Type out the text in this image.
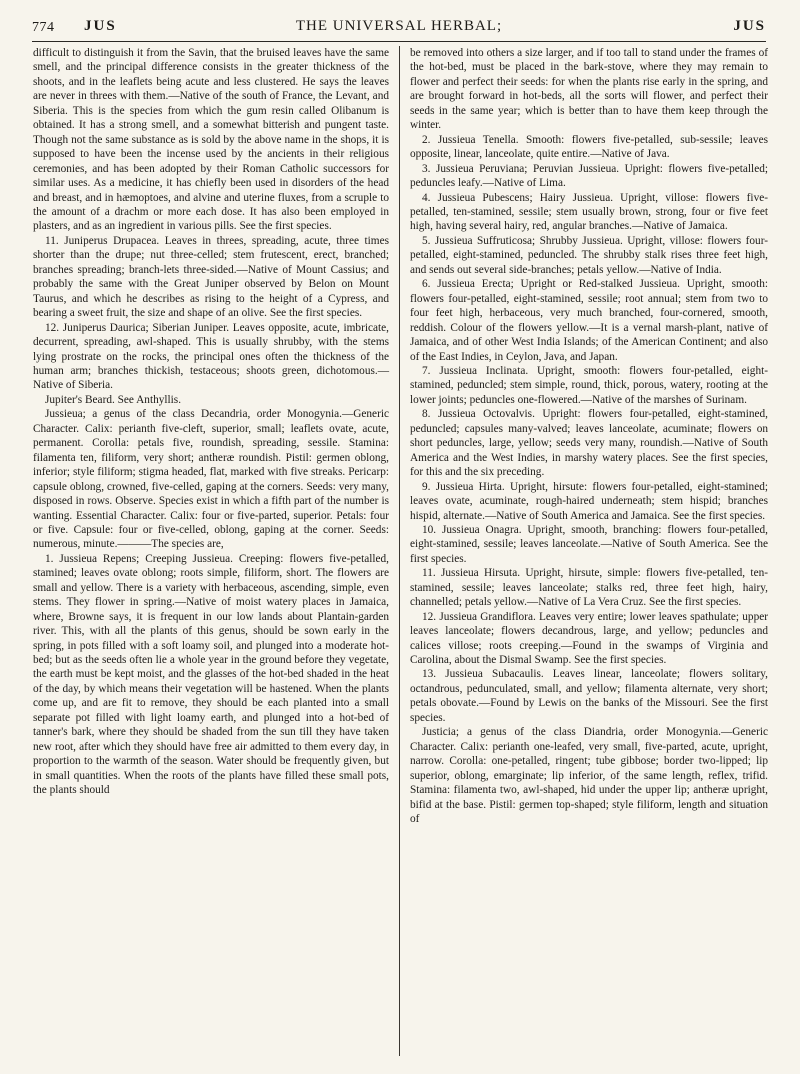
774 JUS	THE UNIVERSAL HERBAL;	JUS

difficult to distinguish it from the Savin, that the bruised leaves have the same smell, and the principal difference consists in the greater thickness of the shoots, and in the leaflets being acute and less clustered. He says the leaves are never in threes with them.—Native of the south of France, the Levant, and Siberia. This is the species from which the gum resin called Olibanum is obtained. It has a strong smell, and a somewhat bitterish and pungent taste. Though not the same substance as is sold by the above name in the shops, it is supposed to have been the incense used by the ancients in their religious ceremonies, and has been adopted by their Roman Catholic successors for similar uses. As a medicine, it has chiefly been used in disorders of the head and breast, and in hæmoptoes, and alvine and uterine fluxes, from a scruple to the amount of a drachm or more each dose. It has also been employed in plasters, and as an ingredient in various pills. See the first species.

11. Juniperus Drupacea. Leaves in threes, spreading, acute, three times shorter than the drupe; nut three-celled; stem frutescent, erect, branched; branches spreading; branch-lets three-sided.—Native of Mount Cassius; and probably the same with the Great Juniper observed by Belon on Mount Taurus, and which he describes as rising to the height of a Cypress, and bearing a sweet fruit, the size and shape of an olive. See the first species.

12. Juniperus Daurica; Siberian Juniper. Leaves opposite, acute, imbricate, decurrent, spreading, awl-shaped. This is usually shrubby, with the stems lying prostrate on the rocks, the principal ones often the thickness of the human arm; branches thickish, testaceous; shoots green, dichotomous.—Native of Siberia.

Jupiter's Beard. See Anthyllis.

Jussieua; a genus of the class Decandria, order Monogynia.—Generic Character. Calix: perianth five-cleft, superior, small; leaflets ovate, acute, permanent. Corolla: petals five, roundish, spreading, sessile. Stamina: filamenta ten, filiform, very short; antheræ roundish. Pistil: germen oblong, inferior; style filiform; stigma headed, flat, marked with five streaks. Pericarp: capsule oblong, crowned, five-celled, gaping at the corners. Seeds: very many, disposed in rows. Observe. Species exist in which a fifth part of the number is wanting. Essential Character. Calix: four or five-parted, superior. Petals: four or five. Capsule: four or five-celled, oblong, gaping at the corner. Seeds: numerous, minute.———The species are,

1. Jussieua Repens; Creeping Jussieua. Creeping: flowers five-petalled, stamined; leaves ovate oblong; roots simple, filiform, short. The flowers are small and yellow. There is a variety with herbaceous, ascending, simple, even stems. They flower in spring.—Native of moist watery places in Jamaica, where, Browne says, it is frequent in our low lands about Plantain-garden river. This, with all the plants of this genus, should be sown early in the spring, in pots filled with a soft loamy soil, and plunged into a moderate hot-bed; but as the seeds often lie a whole year in the ground before they vegetate, the earth must be kept moist, and the glasses of the hot-bed shaded in the heat of the day, by which means their vegetation will be hastened. When the plants come up, and are fit to remove, they should be each planted into a small separate pot filled with light loamy earth, and plunged into a hot-bed of tanner's bark, where they should be shaded from the sun till they have taken new root, after which they should have free air admitted to them every day, in proportion to the warmth of the season. Water should be frequently given, but in small quantities. When the roots of the plants have filled these small pots, the plants should

be removed into others a size larger, and if too tall to stand under the frames of the hot-bed, must be placed in the bark-stove, where they may remain to flower and perfect their seeds: for when the plants rise early in the spring, and are brought forward in hot-beds, all the sorts will flower, and perfect their seeds in the same year; which is better than to have them keep through the winter.

2. Jussieua Tenella. Smooth: flowers five-petalled, sub-sessile; leaves opposite, linear, lanceolate, quite entire.—Native of Java.

3. Jussieua Peruviana; Peruvian Jussieua. Upright: flowers five-petalled; peduncles leafy.—Native of Lima.

4. Jussieua Pubescens; Hairy Jussieua. Upright, villose: flowers five-petalled, ten-stamined, sessile; stem usually brown, strong, four or five feet high, having several hairy, red, angular branches.—Native of Jamaica.

5. Jussieua Suffruticosa; Shrubby Jussieua. Upright, villose: flowers four-petalled, eight-stamined, peduncled. The shrubby stalk rises three feet high, and sends out several side-branches; petals yellow.—Native of India.

6. Jussieua Erecta; Upright or Red-stalked Jussieua. Upright, smooth: flowers four-petalled, eight-stamined, sessile; root annual; stem from two to four feet high, herbaceous, very much branched, four-cornered, smooth, reddish. Colour of the flowers yellow.—It is a vernal marsh-plant, native of Jamaica, and of other West India Islands; of the American Continent; and also of the East Indies, in Ceylon, Java, and Japan.

7. Jussieua Inclinata. Upright, smooth: flowers four-petalled, eight-stamined, peduncled; stem simple, round, thick, porous, watery, rooting at the lower joints; peduncles one-flowered.—Native of the marshes of Surinam.

8. Jussieua Octovalvis. Upright: flowers four-petalled, eight-stamined, peduncled; capsules many-valved; leaves lanceolate, acuminate; flowers on short peduncles, large, yellow; seeds very many, roundish.—Native of South America and the West Indies, in marshy watery places. See the first species, for this and the six preceding.

9. Jussieua Hirta. Upright, hirsute: flowers four-petalled, eight-stamined; leaves ovate, acuminate, rough-haired underneath; stem hispid; branches hispid, alternate.—Native of South America and Jamaica. See the first species.

10. Jussieua Onagra. Upright, smooth, branching: flowers four-petalled, eight-stamined, sessile; leaves lanceolate.—Native of South America. See the first species.

11. Jussieua Hirsuta. Upright, hirsute, simple: flowers five-petalled, ten-stamined, sessile; leaves lanceolate; stalks red, three feet high, hairy, channelled; petals yellow.—Native of La Vera Cruz. See the first species.

12. Jussieua Grandiflora. Leaves very entire; lower leaves spathulate; upper leaves lanceolate; flowers decandrous, large, and yellow; peduncles and calices villose; roots creeping.—Found in the swamps of Virginia and Carolina, about the Dismal Swamp. See the first species.

13. Jussieua Subacaulis. Leaves linear, lanceolate; flowers solitary, octandrous, pedunculated, small, and yellow; filamenta alternate, very short; petals obovate.—Found by Lewis on the banks of the Missouri. See the first species.

Justicia; a genus of the class Diandria, order Monogynia.—Generic Character. Calix: perianth one-leafed, very small, five-parted, acute, upright, narrow. Corolla: one-petalled, ringent; tube gibbose; border two-lipped; lip superior, oblong, emarginate; lip inferior, of the same length, reflex, trifid. Stamina: filamenta two, awl-shaped, hid under the upper lip; antheræ upright, bifid at the base. Pistil: germen top-shaped; style filiform, length and situation of
